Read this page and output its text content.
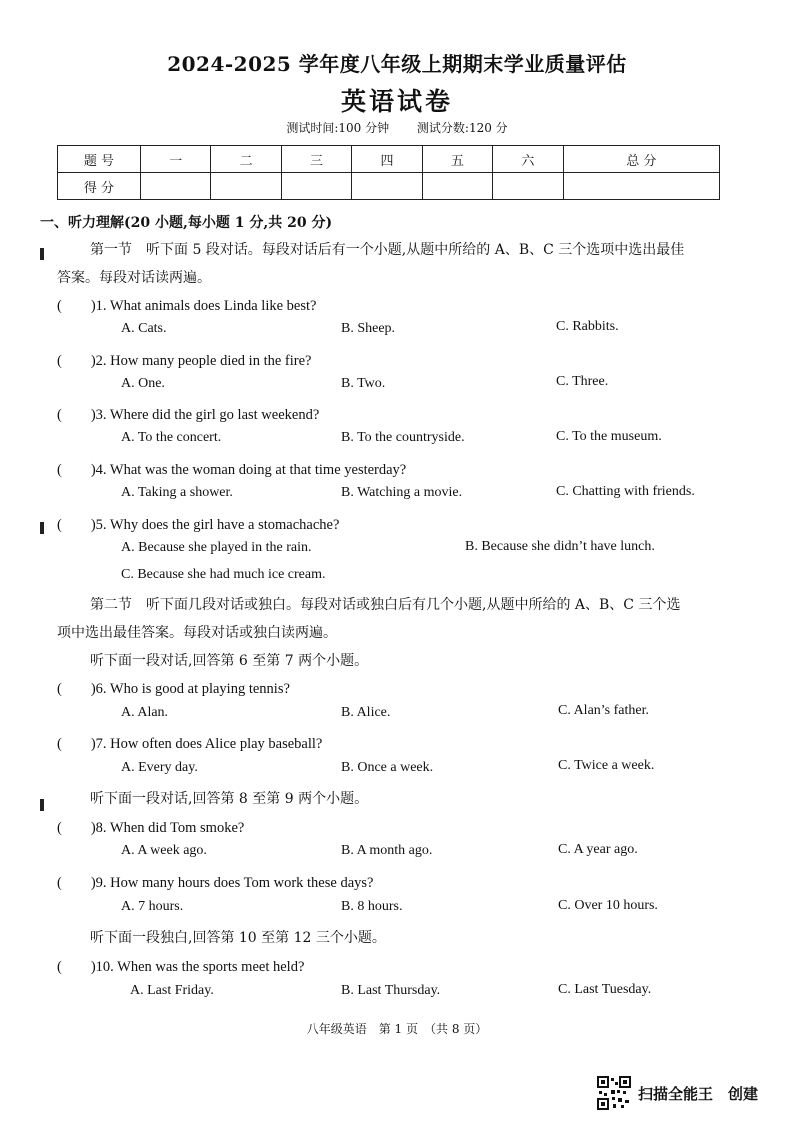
2024-2025 学年度八年级上期期末学业质量评估
英语试卷
测试时间:100 分钟 测试分数:120 分
题 号	一	二	三	四	五	六	总 分
得 分							
一、听力理解(20 小题,每小题 1 分,共 20 分)
第一节　听下面 5 段对话。每段对话后有一个小题,从题中所给的 A、B、C 三个选项中选出最佳
答案。每段对话读两遍。
(　　)1. What animals does Linda like best?
A. Cats.	B. Sheep.	C. Rabbits.
(　　)2. How many people died in the fire?
A. One.	B. Two.	C. Three.
(　　)3. Where did the girl go last weekend?
A. To the concert.	B. To the countryside.	C. To the museum.
(　　)4. What was the woman doing at that time yesterday?
A. Taking a shower.	B. Watching a movie.	C. Chatting with friends.
(　　)5. Why does the girl have a stomachache?
A. Because she played in the rain.	B. Because she didn’t have lunch.
C. Because she had much ice cream.
第二节　听下面几段对话或独白。每段对话或独白后有几个小题,从题中所给的 A、B、C 三个选
项中选出最佳答案。每段对话或独白读两遍。
听下面一段对话,回答第 6 至第 7 两个小题。
(　　)6. Who is good at playing tennis?
A. Alan.	B. Alice.	C. Alan’s father.
(　　)7. How often does Alice play baseball?
A. Every day.	B. Once a week.	C. Twice a week.
听下面一段对话,回答第 8 至第 9 两个小题。
(　　)8. When did Tom smoke?
A. A week ago.	B. A month ago.	C. A year ago.
(　　)9. How many hours does Tom work these days?
A. 7 hours.	B. 8 hours.	C. Over 10 hours.
听下面一段独白,回答第 10 至第 12 三个小题。
(　　)10. When was the sports meet held?
A. Last Friday.	B. Last Thursday.	C. Last Tuesday.
八年级英语　第 1 页　（共 8 页）
扫描全能王　创建
